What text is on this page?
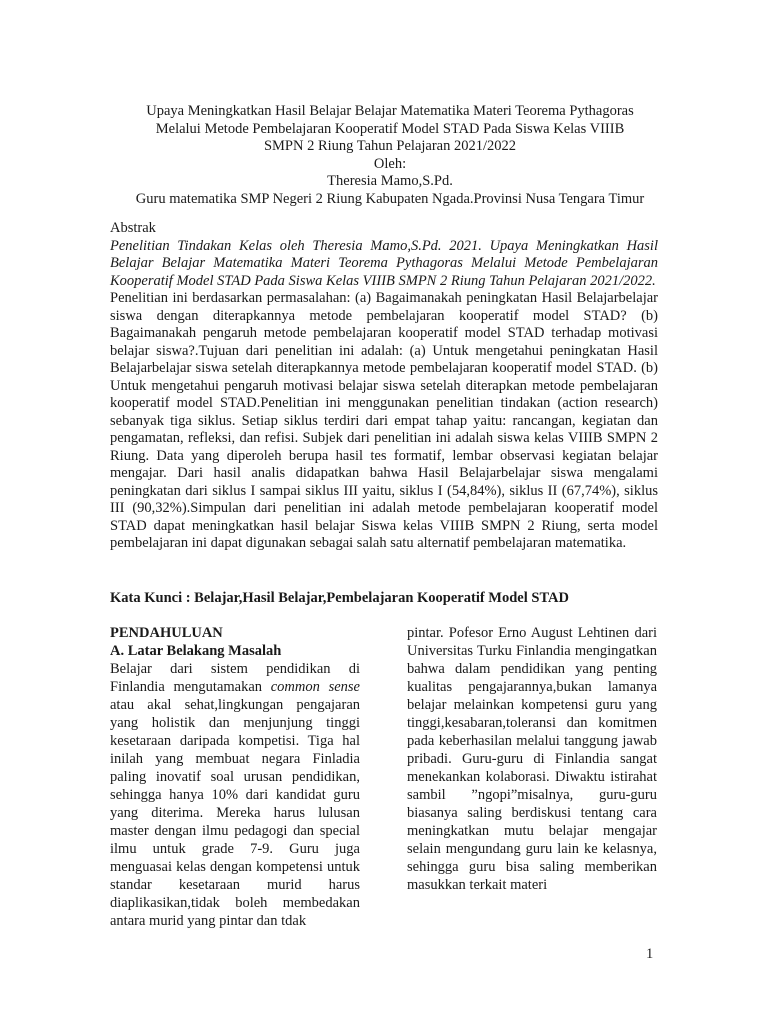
Upaya Meningkatkan Hasil Belajar Belajar Matematika Materi Teorema Pythagoras
Melalui Metode Pembelajaran Kooperatif Model STAD Pada Siswa Kelas VIIIB
SMPN 2 Riung Tahun Pelajaran 2021/2022
Oleh:
Theresia Mamo,S.Pd.
Guru matematika SMP Negeri 2 Riung Kabupaten Ngada.Provinsi Nusa Tengara Timur

Abstrak

Penelitian Tindakan Kelas oleh Theresia Mamo,S.Pd. 2021. Upaya Meningkatkan Hasil Belajar Belajar Matematika Materi Teorema Pythagoras Melalui Metode Pembelajaran Kooperatif Model STAD Pada Siswa Kelas VIIIB SMPN 2 Riung Tahun Pelajaran 2021/2022.

Penelitian ini berdasarkan permasalahan: (a) Bagaimanakah peningkatan Hasil Belajarbelajar siswa dengan diterapkannya metode pembelajaran kooperatif model STAD? (b) Bagaimanakah pengaruh metode pembelajaran kooperatif model STAD terhadap motivasi belajar siswa?.Tujuan dari penelitian ini adalah: (a) Untuk mengetahui peningkatan Hasil Belajarbelajar siswa setelah diterapkannya metode pembelajaran kooperatif model STAD. (b) Untuk mengetahui pengaruh motivasi belajar siswa setelah diterapkan metode pembelajaran kooperatif model STAD.Penelitian ini menggunakan penelitian tindakan (action research) sebanyak tiga siklus. Setiap siklus terdiri dari empat tahap yaitu: rancangan, kegiatan dan pengamatan, refleksi, dan refisi. Subjek dari penelitian ini adalah siswa kelas VIIIB SMPN 2 Riung. Data yang diperoleh berupa hasil tes formatif, lembar observasi kegiatan belajar mengajar. Dari hasil analis didapatkan bahwa Hasil Belajarbelajar siswa mengalami peningkatan dari siklus I sampai siklus III yaitu, siklus I (54,84%), siklus II (67,74%), siklus III (90,32%).Simpulan dari penelitian ini adalah metode pembelajaran kooperatif model STAD dapat meningkatkan hasil belajar Siswa kelas VIIIB SMPN 2 Riung, serta model pembelajaran ini dapat digunakan sebagai salah satu alternatif pembelajaran matematika.

Kata Kunci : Belajar,Hasil Belajar,Pembelajaran Kooperatif Model STAD

PENDAHULUAN

A. Latar Belakang Masalah

Belajar dari sistem pendidikan di Finlandia mengutamakan common sense atau akal sehat,lingkungan pengajaran yang holistik dan menjunjung tinggi kesetaraan daripada kompetisi. Tiga hal inilah yang membuat negara Finladia paling inovatif soal urusan pendidikan, sehingga hanya 10% dari kandidat guru yang diterima. Mereka harus lulusan master dengan ilmu pedagogi dan special ilmu untuk grade 7-9. Guru juga menguasai kelas dengan kompetensi untuk standar kesetaraan murid harus diaplikasikan,tidak boleh membedakan antara murid yang pintar dan tdak

pintar. Pofesor Erno August Lehtinen dari Universitas Turku Finlandia mengingatkan bahwa dalam pendidikan yang penting kualitas pengajarannya,bukan lamanya belajar melainkan kompetensi guru yang tinggi,kesabaran,toleransi dan komitmen pada keberhasilan melalui tanggung jawab pribadi. Guru-guru di Finlandia sangat menekankan kolaborasi. Diwaktu istirahat sambil ”ngopi”misalnya, guru-guru biasanya saling berdiskusi tentang cara meningkatkan mutu belajar mengajar selain mengundang guru lain ke kelasnya, sehingga guru bisa saling memberikan masukkan terkait materi

1
